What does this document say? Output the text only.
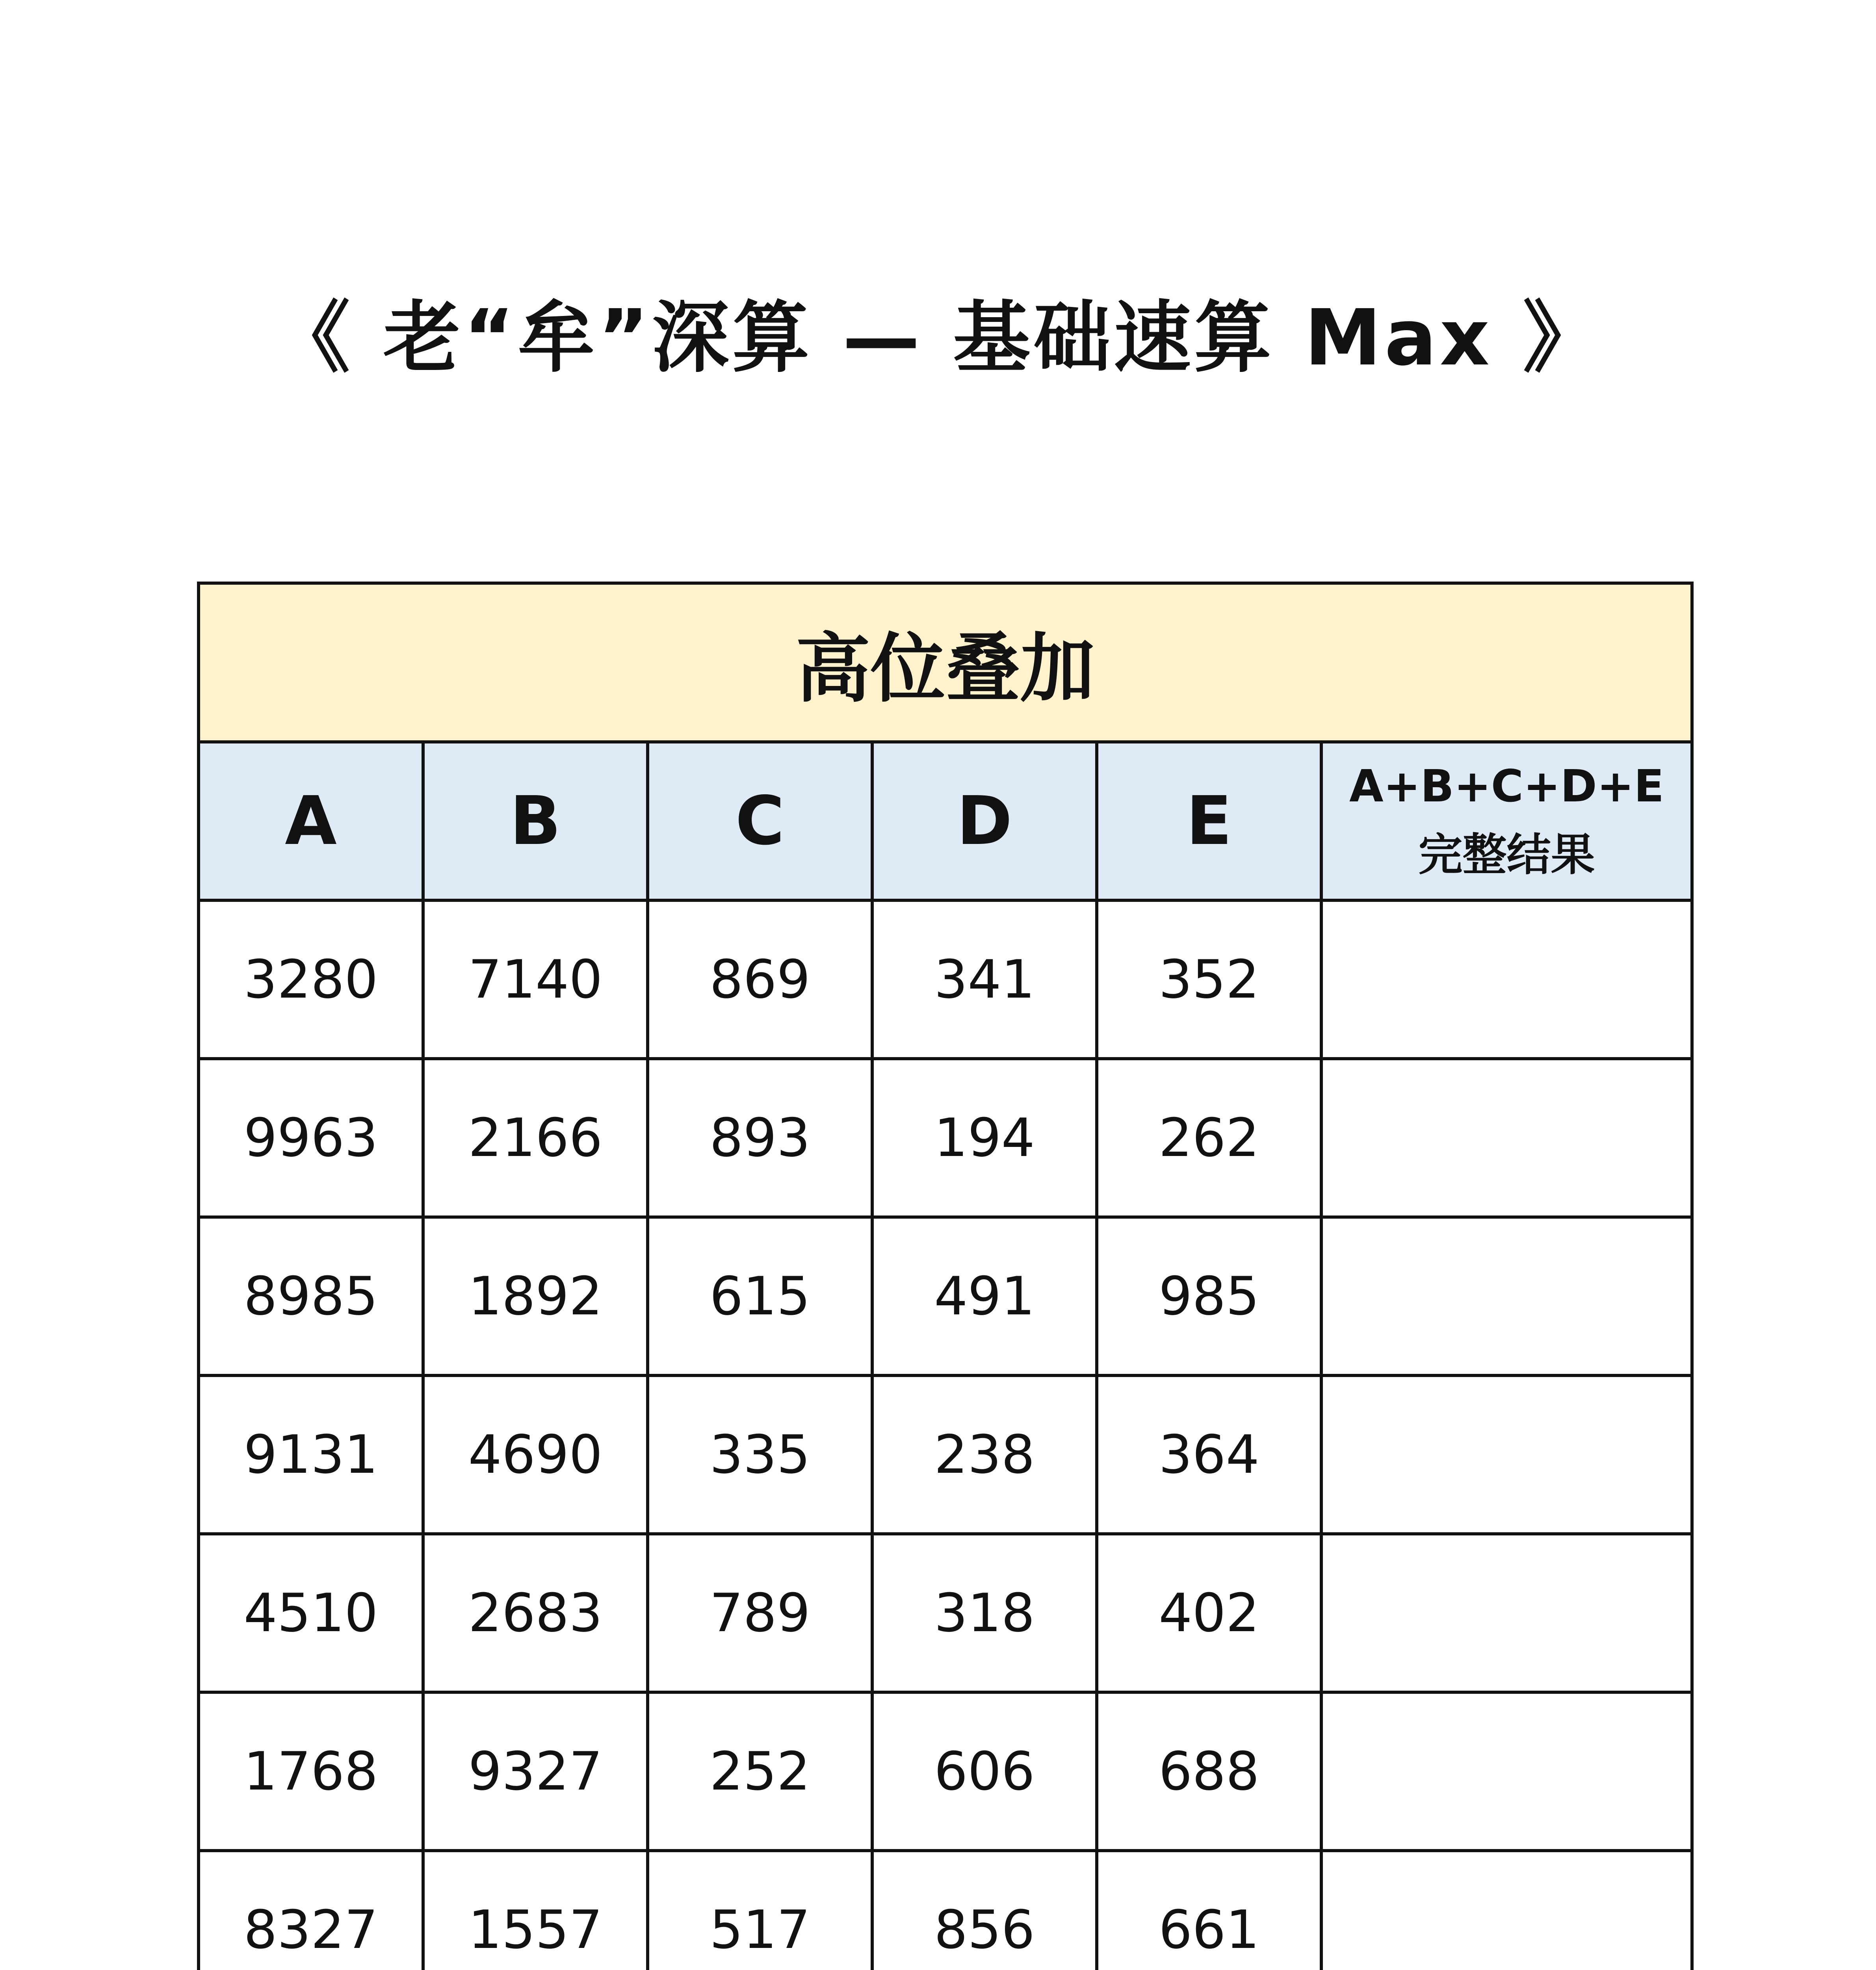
《 老“牟”深算 — 基础速算 Max 》
高位叠加					
A	B	C	D	E	A+B+C+D+E
完整结果

3280	7140	869	341	352	
9963	2166	893	194	262	
8985	1892	615	491	985	
9131	4690	335	238	364	
4510	2683	789	318	402	
1768	9327	252	606	688	
8327	1557	517	856	661	
